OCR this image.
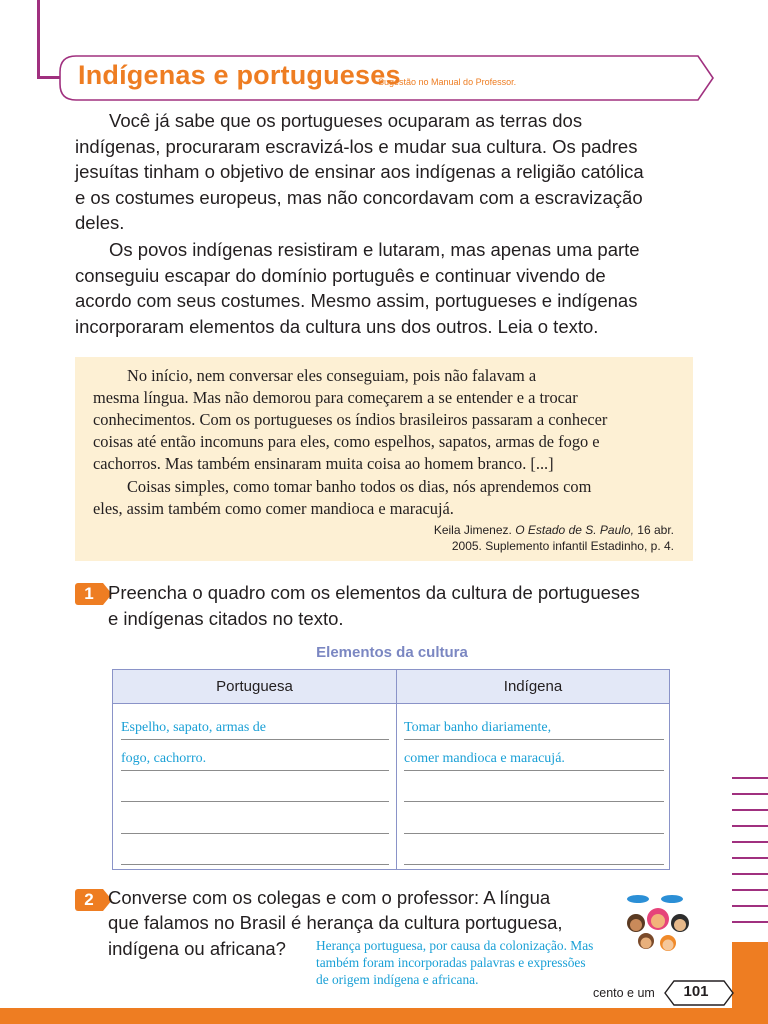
Indígenas e portugueses
Sugestão no Manual do Professor.
Você já sabe que os portugueses ocuparam as terras dos
indígenas, procuraram escravizá-los e mudar sua cultura. Os padres
jesuítas tinham o objetivo de ensinar aos indígenas a religião católica
e os costumes europeus, mas não concordavam com a escravização
deles.
Os povos indígenas resistiram e lutaram, mas apenas uma parte
conseguiu escapar do domínio português e continuar vivendo de
acordo com seus costumes. Mesmo assim, portugueses e indígenas
incorporaram elementos da cultura uns dos outros. Leia o texto.
No início, nem conversar eles conseguiam, pois não falavam a
mesma língua. Mas não demorou para começarem a se entender e a trocar
conhecimentos. Com os portugueses os índios brasileiros passaram a conhecer
coisas até então incomuns para eles, como espelhos, sapatos, armas de fogo e
cachorros. Mas também ensinaram muita coisa ao homem branco. [...]
Coisas simples, como tomar banho todos os dias, nós aprendemos com
eles, assim também como comer mandioca e maracujá.
Keila Jimenez. O Estado de S. Paulo, 16 abr.
2005. Suplemento infantil Estadinho, p. 4.
1 Preencha o quadro com os elementos da cultura de portugueses
e indígenas citados no texto.
Elementos da cultura
Portuguesa	Indígena
Espelho, sapato, armas de
fogo, cachorro.
Tomar banho diariamente,
comer mandioca e maracujá.
2 Converse com os colegas e com o professor: A língua
que falamos no Brasil é herança da cultura portuguesa,
indígena ou africana? Herança portuguesa, por causa da colonização. Mas
também foram incorporadas palavras e expressões
de origem indígena e africana.
cento e um	101
